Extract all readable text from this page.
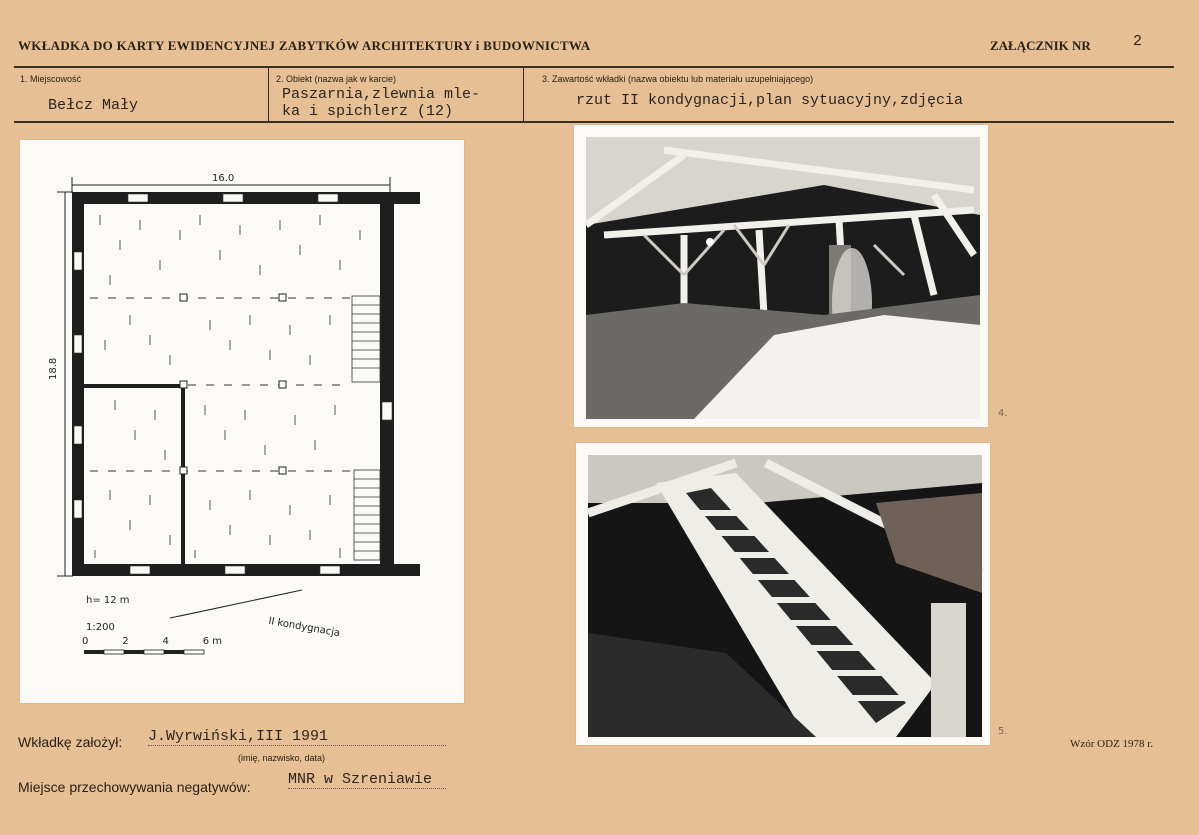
WKŁADKA DO KARTY EWIDENCYJNEJ ZABYTKÓW ARCHITEKTURY i BUDOWNICTWA	ZAŁĄCZNIK NR	2
1. Miejscowość
Bełcz Mały
2. Obiekt (nazwa jak w karcie)
Paszarnia,zlewnia mle-
ka i spichlerz (12)
3. Zawartość wkładki (nazwa obiektu lub materiału uzupełniającego)
rzut II kondygnacji,plan sytuacyjny,zdjęcia
16.0
18.8
h= 12 m
1:200
0	2	4	6 m
II kondygnacja
4.
5.
Wkładkę założył: J.Wyrwiński,III 1991
(imię, nazwisko, data)
Miejsce przechowywania negatywów: MNR w Szreniawie
Wzór ODZ 1978 r.
